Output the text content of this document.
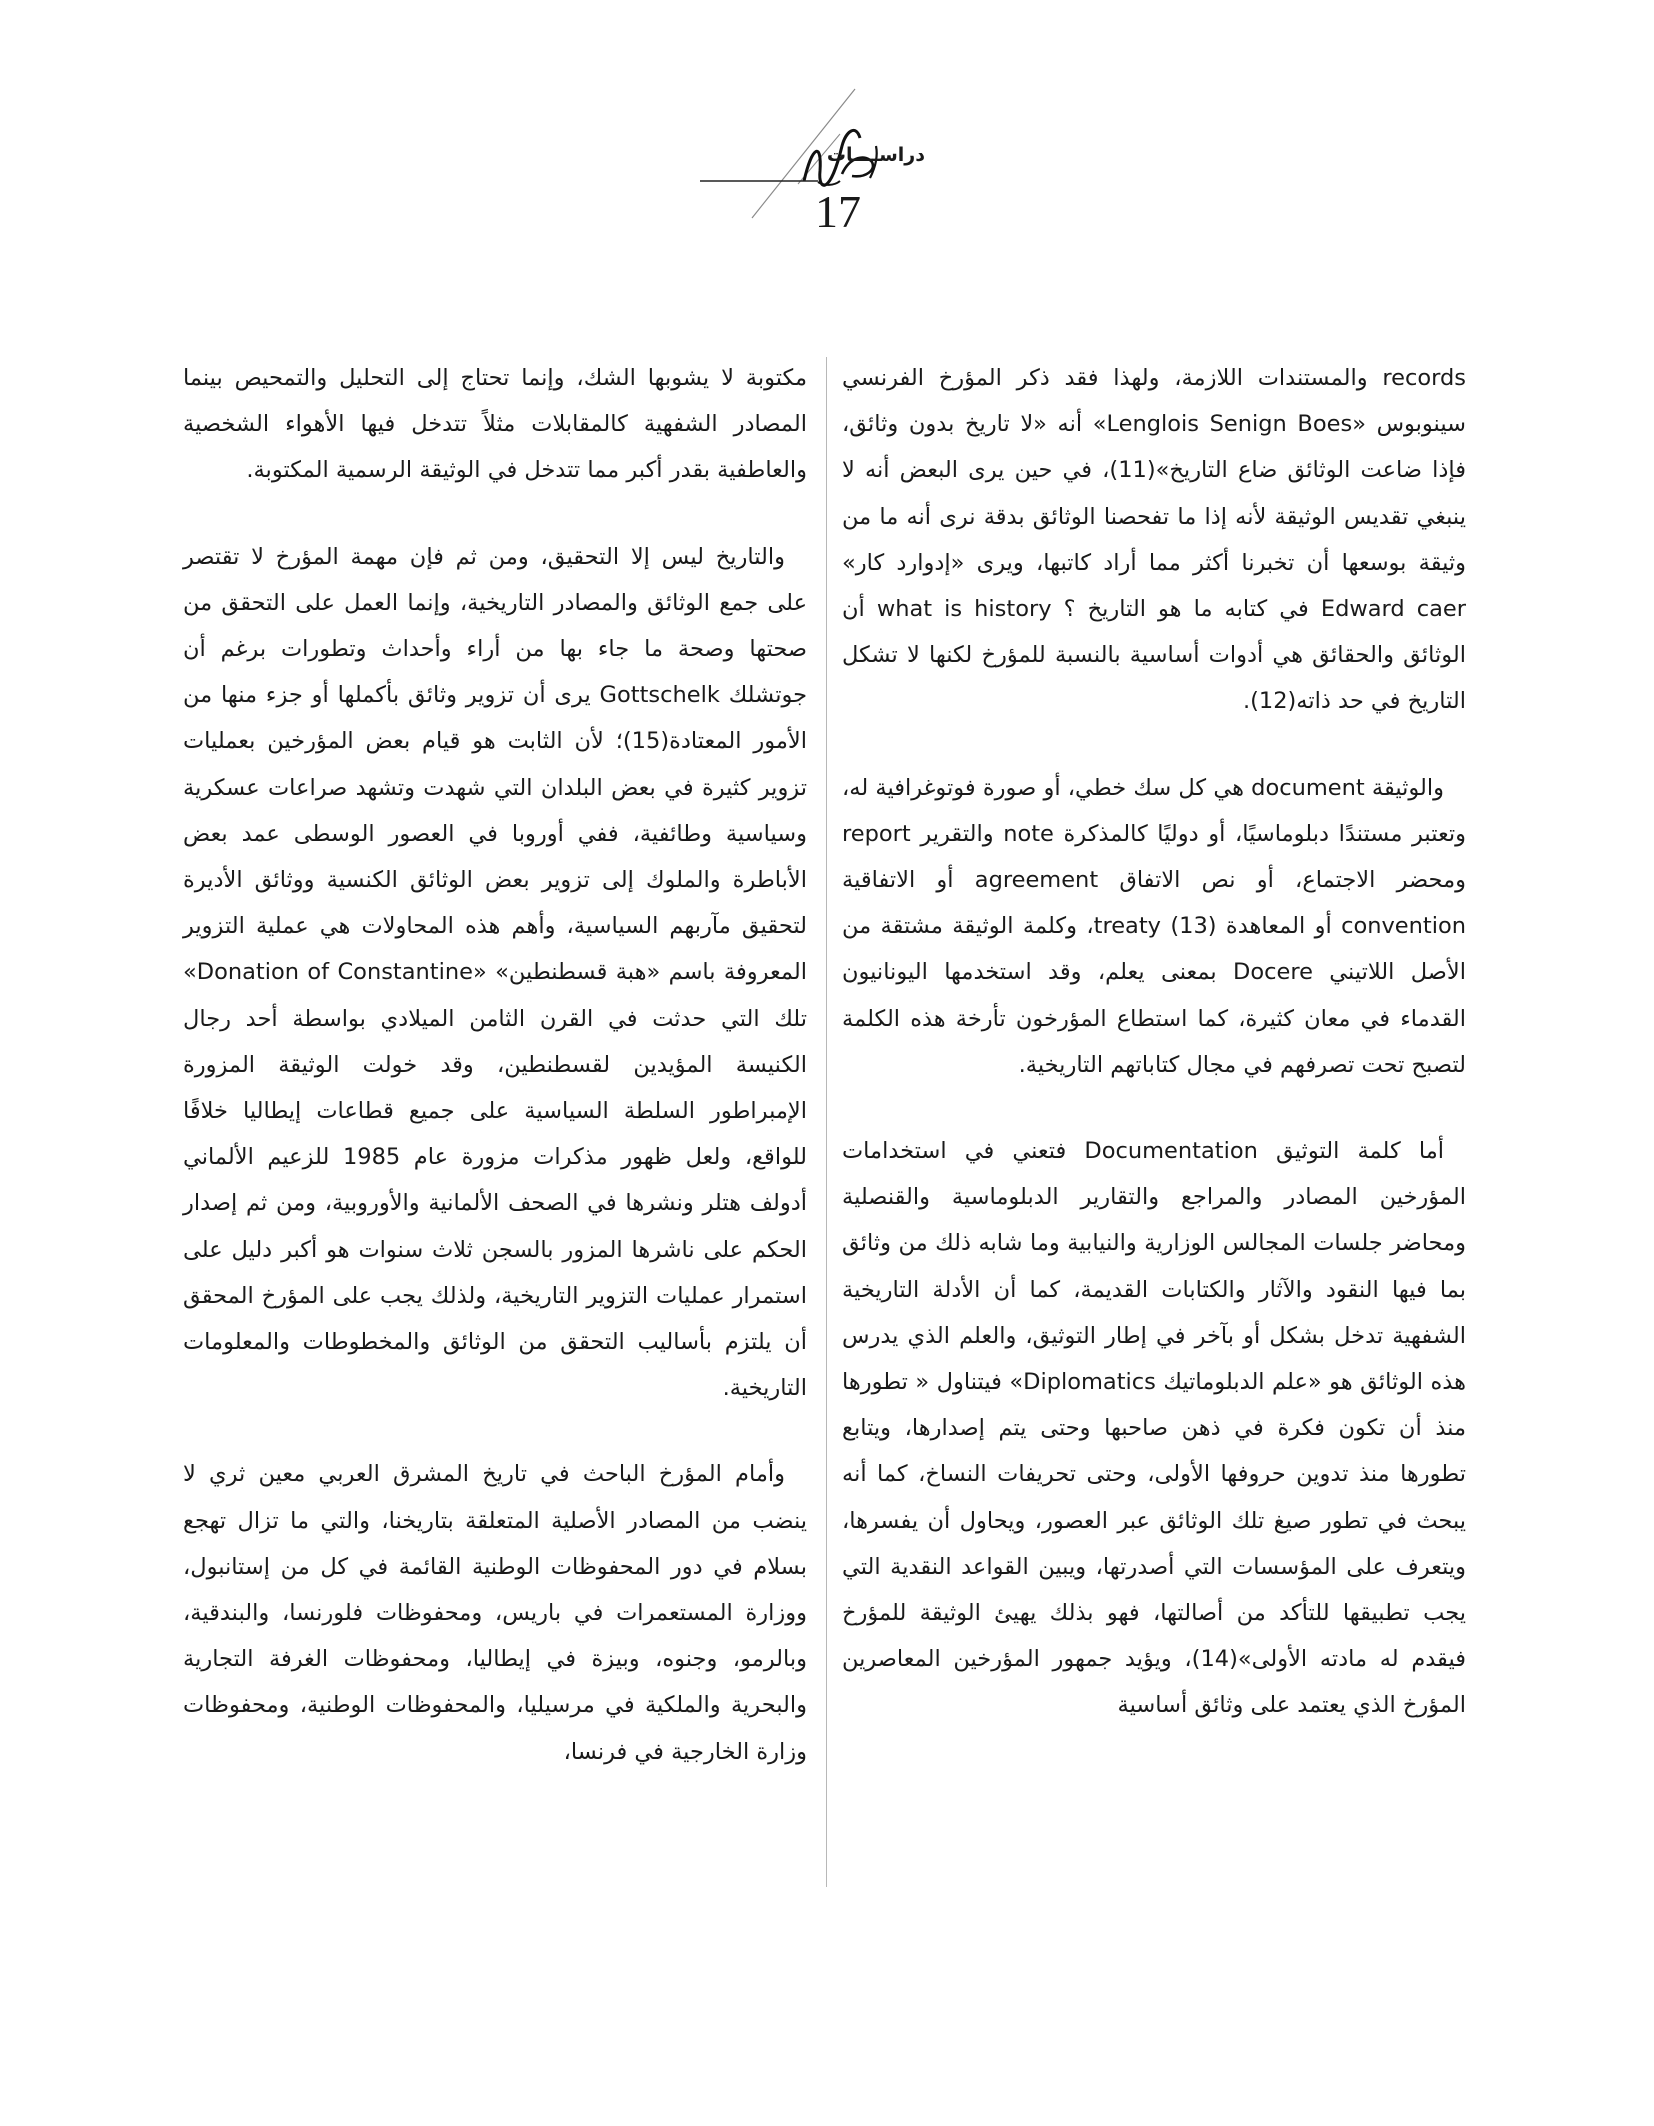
دراســــات
17

records والمستندات اللازمة، ولهذا فقد ذكر المؤرخ الفرنسي سينوبوس «Lenglois Senign Boes» أنه «لا تاريخ بدون وثائق، فإذا ضاعت الوثائق ضاع التاريخ»(11)، في حين يرى البعض أنه لا ينبغي تقديس الوثيقة لأنه إذا ما تفحصنا الوثائق بدقة نرى أنه ما من وثيقة بوسعها أن تخبرنا أكثر مما أراد كاتبها، ويرى «إدوارد كار» Edward caer في كتابه ما هو التاريخ ؟ what is history أن الوثائق والحقائق هي أدوات أساسية بالنسبة للمؤرخ لكنها لا تشكل التاريخ في حد ذاته(12).

والوثيقة document هي كل سك خطي، أو صورة فوتوغرافية له، وتعتبر مستندًا دبلوماسيًا، أو دوليًا كالمذكرة note والتقرير report ومحضر الاجتماع، أو نص الاتفاق agreement أو الاتفاقية convention أو المعاهدة treaty (13)، وكلمة الوثيقة مشتقة من الأصل اللاتيني Docere بمعنى يعلم، وقد استخدمها اليونانيون القدماء في معان كثيرة، كما استطاع المؤرخون تأرخة هذه الكلمة لتصبح تحت تصرفهم في مجال كتاباتهم التاريخية.

أما كلمة التوثيق Documentation فتعني في استخدامات المؤرخين المصادر والمراجع والتقارير الدبلوماسية والقنصلية ومحاضر جلسات المجالس الوزارية والنيابية وما شابه ذلك من وثائق بما فيها النقود والآثار والكتابات القديمة، كما أن الأدلة التاريخية الشفهية تدخل بشكل أو بآخر في إطار التوثيق، والعلم الذي يدرس هذه الوثائق هو «علم الدبلوماتيك Diplomatics» فيتناول « تطورها منذ أن تكون فكرة في ذهن صاحبها وحتى يتم إصدارها، ويتابع تطورها منذ تدوين حروفها الأولى، وحتى تحريفات النساخ، كما أنه يبحث في تطور صيغ تلك الوثائق عبر العصور، ويحاول أن يفسرها، ويتعرف على المؤسسات التي أصدرتها، ويبين القواعد النقدية التي يجب تطبيقها للتأكد من أصالتها، فهو بذلك يهيئ الوثيقة للمؤرخ فيقدم له مادته الأولى»(14)، ويؤيد جمهور المؤرخين المعاصرين المؤرخ الذي يعتمد على وثائق أساسية

مكتوبة لا يشوبها الشك، وإنما تحتاج إلى التحليل والتمحيص بينما المصادر الشفهية كالمقابلات مثلاً تتدخل فيها الأهواء الشخصية والعاطفية بقدر أكبر مما تتدخل في الوثيقة الرسمية المكتوبة.

والتاريخ ليس إلا التحقيق، ومن ثم فإن مهمة المؤرخ لا تقتصر على جمع الوثائق والمصادر التاريخية، وإنما العمل على التحقق من صحتها وصحة ما جاء بها من أراء وأحداث وتطورات برغم أن جوتشلك Gottschelk يرى أن تزوير وثائق بأكملها أو جزء منها من الأمور المعتادة(15)؛ لأن الثابت هو قيام بعض المؤرخين بعمليات تزوير كثيرة في بعض البلدان التي شهدت وتشهد صراعات عسكرية وسياسية وطائفية، ففي أوروبا في العصور الوسطى عمد بعض الأباطرة والملوك إلى تزوير بعض الوثائق الكنسية ووثائق الأديرة لتحقيق مآربهم السياسية، وأهم هذه المحاولات هي عملية التزوير المعروفة باسم «هبة قسطنطين» «Donation of Constantine» تلك التي حدثت في القرن الثامن الميلادي بواسطة أحد رجال الكنيسة المؤيدين لقسطنطين، وقد خولت الوثيقة المزورة الإمبراطور السلطة السياسية على جميع قطاعات إيطاليا خلافًا للواقع، ولعل ظهور مذكرات مزورة عام 1985 للزعيم الألماني أدولف هتلر ونشرها في الصحف الألمانية والأوروبية، ومن ثم إصدار الحكم على ناشرها المزور بالسجن ثلاث سنوات هو أكبر دليل على استمرار عمليات التزوير التاريخية، ولذلك يجب على المؤرخ المحقق أن يلتزم بأساليب التحقق من الوثائق والمخطوطات والمعلومات التاريخية.

وأمام المؤرخ الباحث في تاريخ المشرق العربي معين ثري لا ينضب من المصادر الأصلية المتعلقة بتاريخنا، والتي ما تزال تهجع بسلام في دور المحفوظات الوطنية القائمة في كل من إستانبول، ووزارة المستعمرات في باريس، ومحفوظات فلورنسا، والبندقية، وبالرمو، وجنوه، وبيزة في إيطاليا، ومحفوظات الغرفة التجارية والبحرية والملكية في مرسيليا، والمحفوظات الوطنية، ومحفوظات وزارة الخارجية في فرنسا،
